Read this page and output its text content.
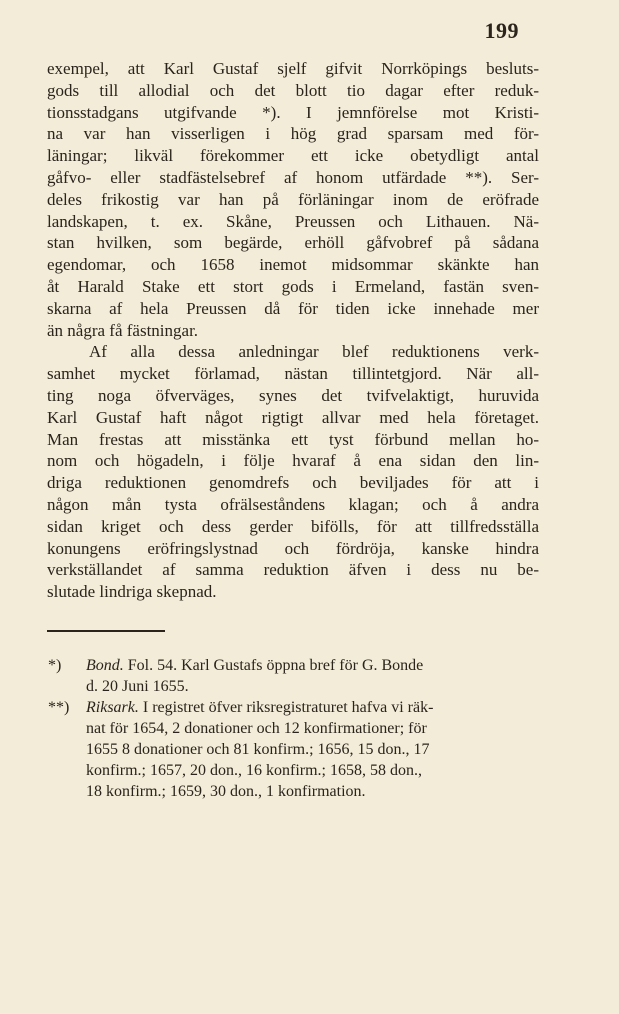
199
exempel, att Karl Gustaf sjelf gifvit Norrköpings besluts-
gods till allodial och det blott tio dagar efter reduk-
tionsstadgans utgifvande *). I jemnförelse mot Kristi-
na var han visserligen i hög grad sparsam med för-
läningar; likväl förekommer ett icke obetydligt antal
gåfvo- eller stadfästelsebref af honom utfärdade **). Ser-
deles frikostig var han på förläningar inom de eröfrade
landskapen, t. ex. Skåne, Preussen och Lithauen. Nä-
stan hvilken, som begärde, erhöll gåfvobref på sådana
egendomar, och 1658 inemot midsommar skänkte han
åt Harald Stake ett stort gods i Ermeland, fastän sven-
skarna af hela Preussen då för tiden icke innehade mer
än några få fästningar.
Af alla dessa anledningar blef reduktionens verk-
samhet mycket förlamad, nästan tillintetgjord. När all-
ting noga öfverväges, synes det tvifvelaktigt, huruvida
Karl Gustaf haft något rigtigt allvar med hela företaget.
Man frestas att misstänka ett tyst förbund mellan ho-
nom och högadeln, i följe hvaraf å ena sidan den lin-
driga reduktionen genomdrefs och beviljades för att i
någon mån tysta ofrälseståndens klagan; och å andra
sidan kriget och dess gerder bifölls, för att tillfredsställa
konungens eröfringslystnad och fördröja, kanske hindra
verkställandet af samma reduktion äfven i dess nu be-
slutade lindriga skepnad.
*) Bond. Fol. 54. Karl Gustafs öppna bref för G. Bonde
d. 20 Juni 1655.
**) Riksark. I registret öfver riksregistraturet hafva vi räk-
nat för 1654, 2 donationer och 12 konfirmationer; för
1655 8 donationer och 81 konfirm.; 1656, 15 don., 17
konfirm.; 1657, 20 don., 16 konfirm.; 1658, 58 don.,
18 konfirm.; 1659, 30 don., 1 konfirmation.
